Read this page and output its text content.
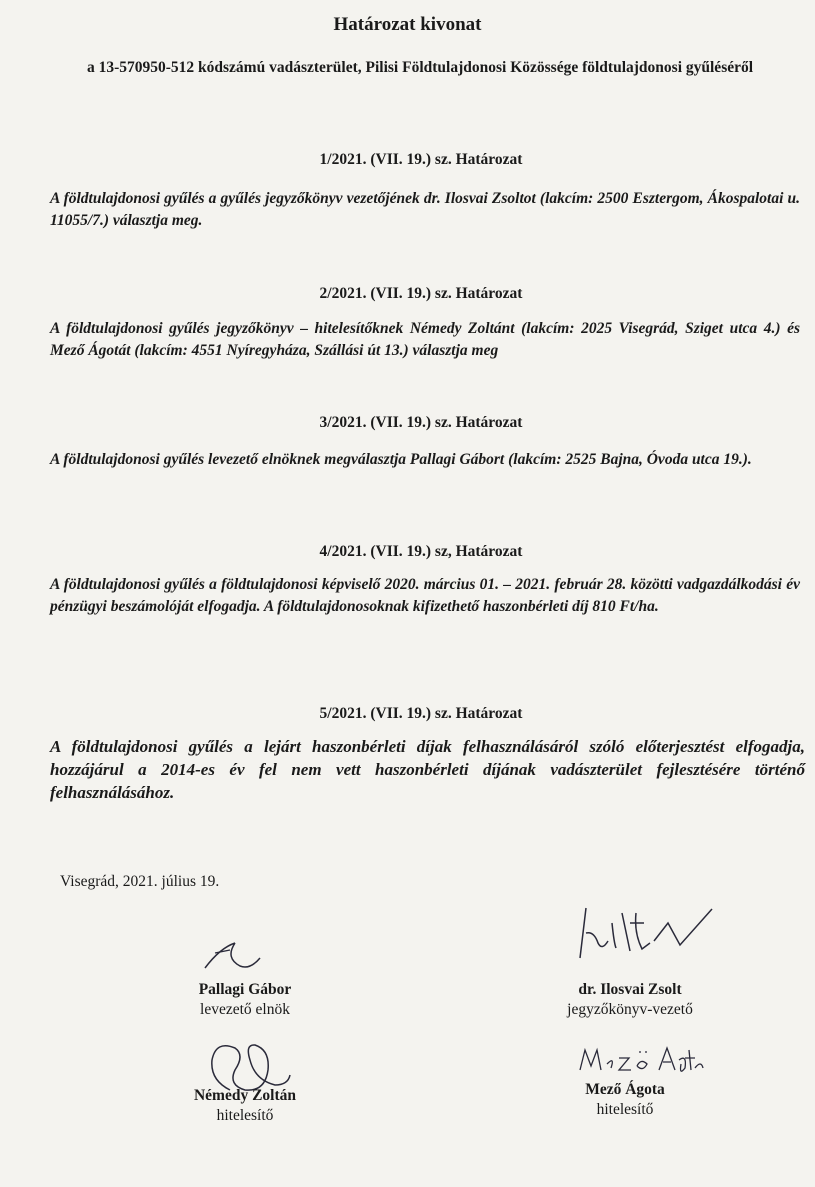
Határozat kivonat
a 13-570950-512 kódszámú vadászterület, Pilisi Földtulajdonosi Közössége földtulajdonosi gyűléséről
1/2021. (VII. 19.) sz. Határozat
A földtulajdonosi gyűlés a gyűlés jegyzőkönyv vezetőjének dr. Ilosvai Zsoltot (lakcím: 2500 Esztergom, Ákospalotai u. 11055/7.) választja meg.
2/2021. (VII. 19.) sz. Határozat
A földtulajdonosi gyűlés jegyzőkönyv – hitelesítőknek Némedy Zoltánt (lakcím: 2025 Visegrád, Sziget utca 4.) és Mező Ágotát (lakcím: 4551 Nyíregyháza, Szállási út 13.) választja meg
3/2021. (VII. 19.) sz. Határozat
A földtulajdonosi gyűlés levezető elnöknek megválasztja Pallagi Gábort (lakcím: 2525 Bajna, Óvoda utca 19.).
4/2021. (VII. 19.) sz, Határozat
A földtulajdonosi gyűlés a földtulajdonosi képviselő 2020. március 01. – 2021. február 28. közötti vadgazdálkodási év pénzügyi beszámolóját elfogadja. A földtulajdonosoknak kifizethető haszonbérleti díj 810 Ft/ha.
5/2021. (VII. 19.) sz. Határozat
A földtulajdonosi gyűlés a lejárt haszonbérleti díjak felhasználásáról szóló előterjesztést elfogadja, hozzájárul a 2014-es év fel nem vett haszonbérleti díjának vadászterület fejlesztésére történő felhasználásához.
Visegrád, 2021. július 19.
Pallagi Gábor
levezető elnök
dr. Ilosvai Zsolt
jegyzőkönyv-vezető
Némedy Zoltán
hitelesítő
Mező Ágota
hitelesítő
